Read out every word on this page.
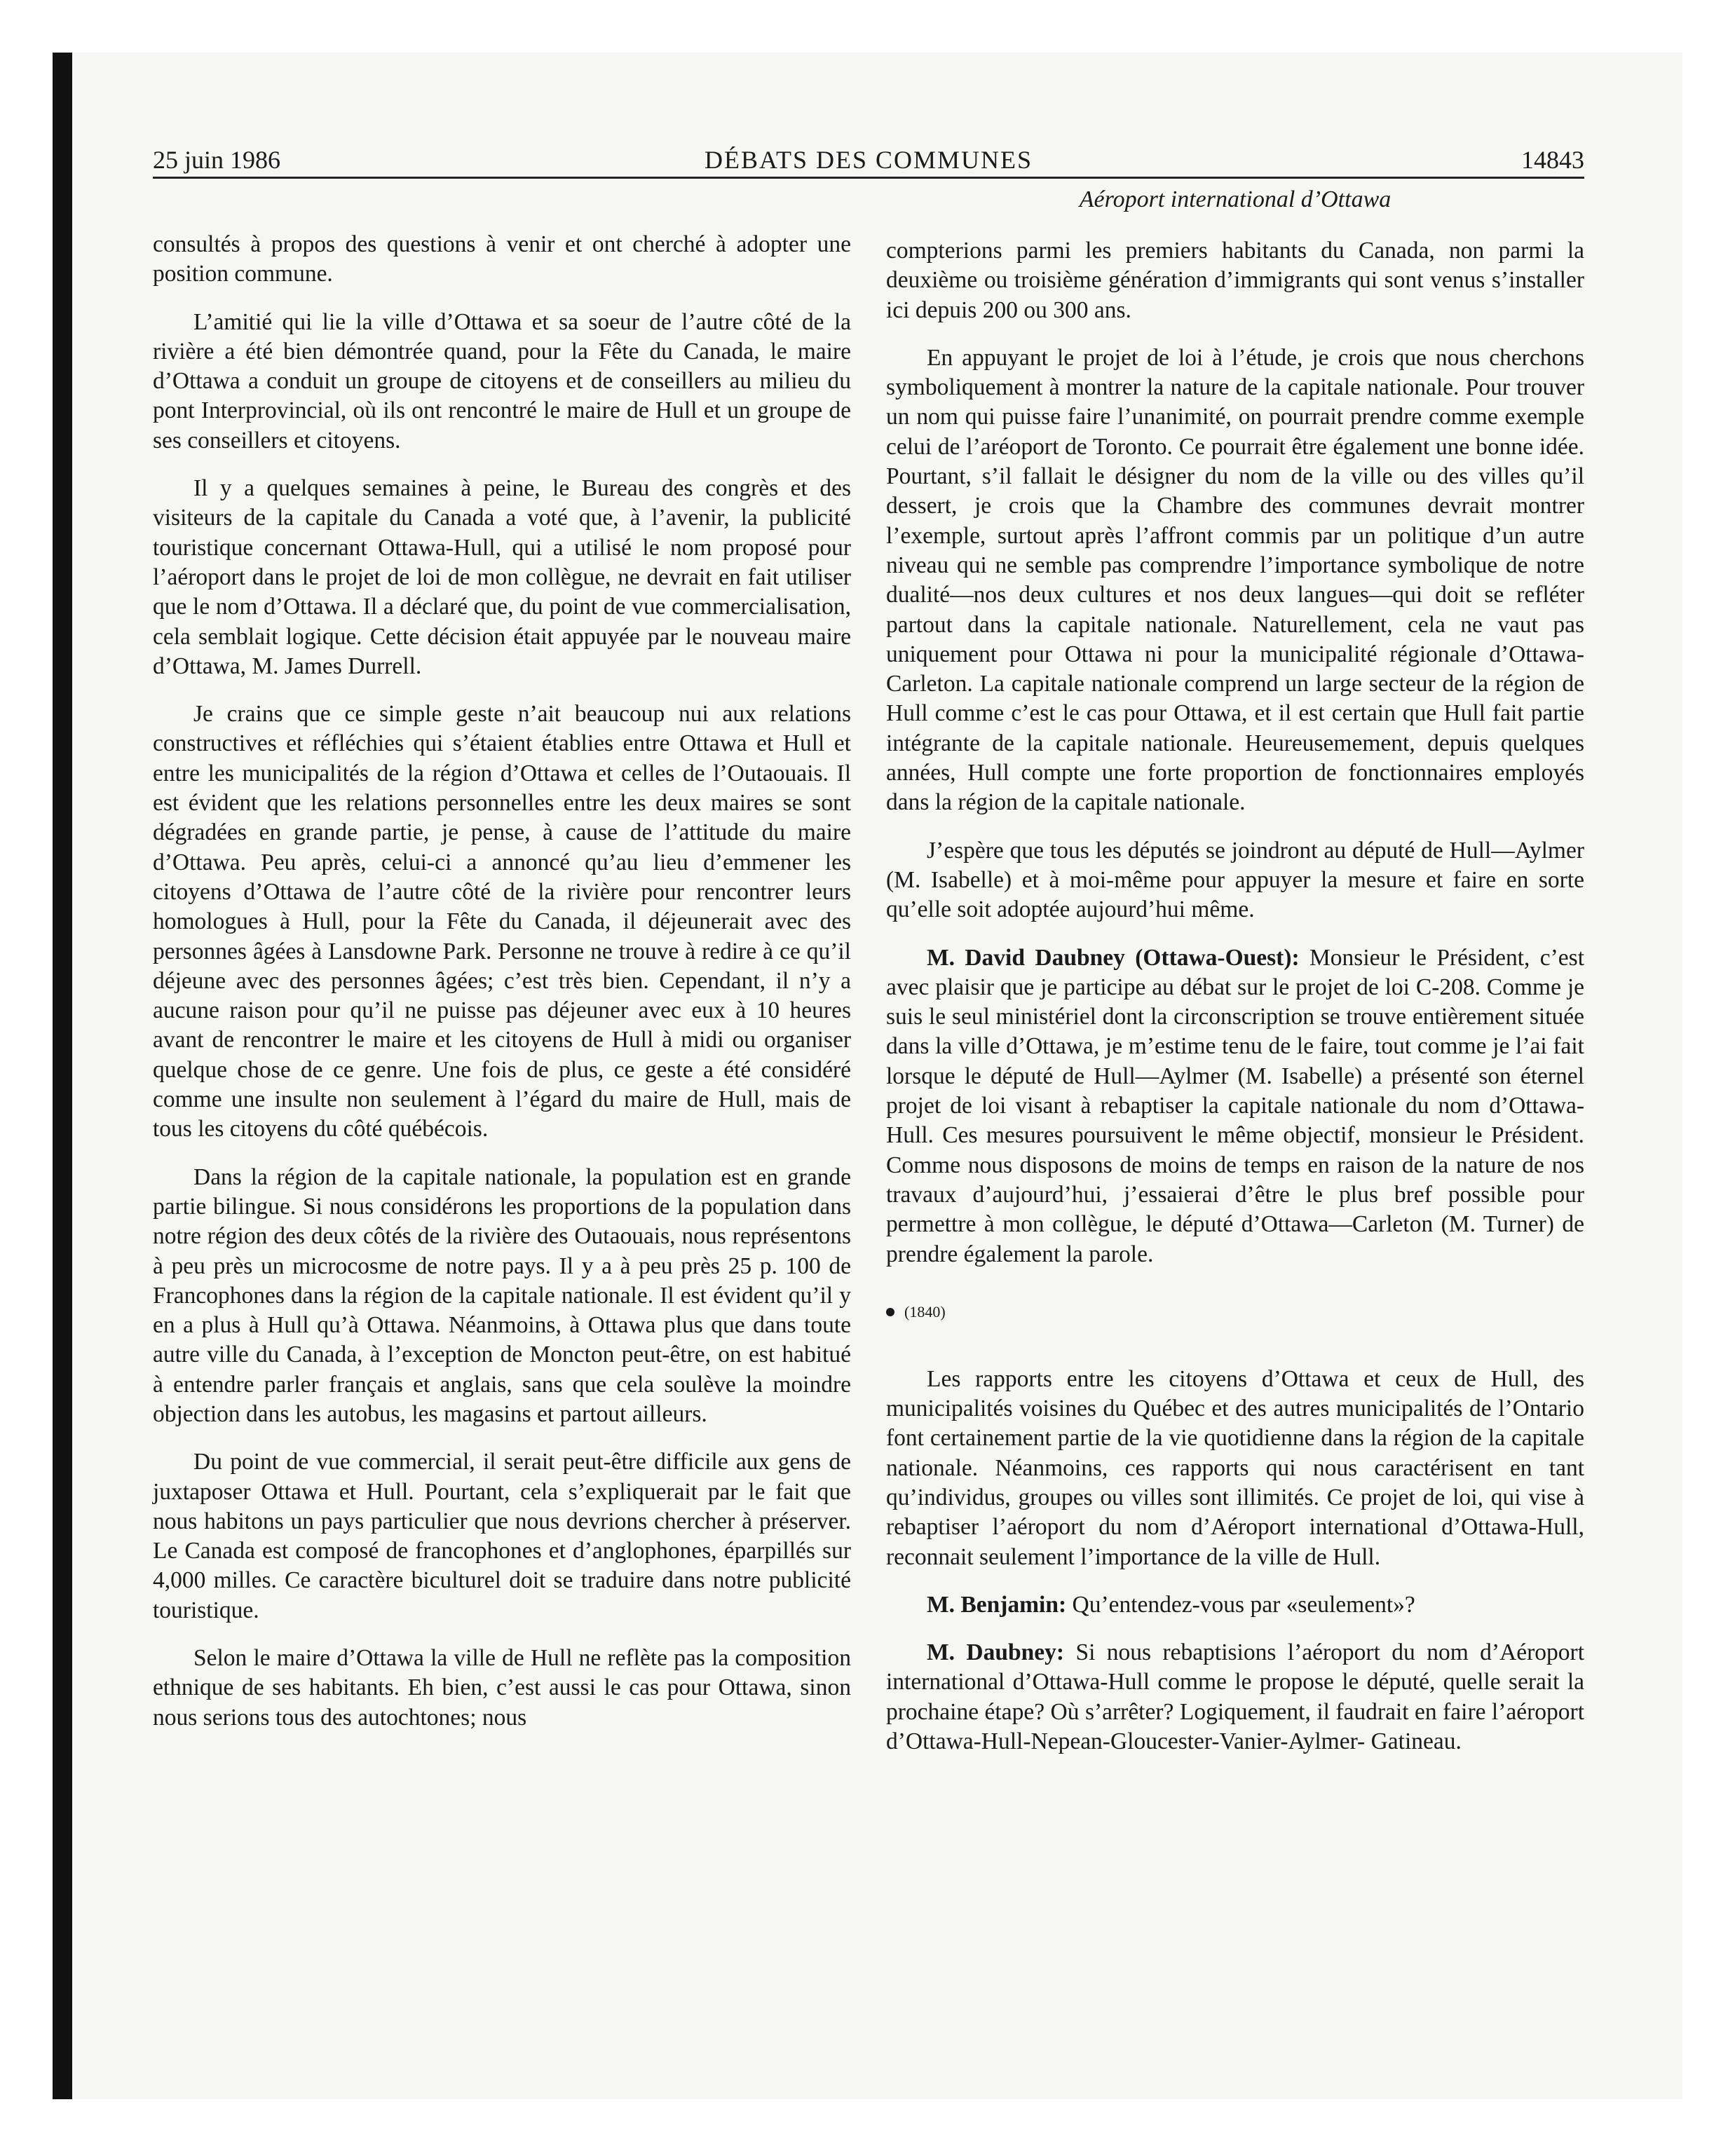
25 juin 1986	DÉBATS DES COMMUNES	14843
Aéroport international d’Ottawa

consultés à propos des questions à venir et ont cherché à adopter une position commune.

L’amitié qui lie la ville d’Ottawa et sa soeur de l’autre côté de la rivière a été bien démontrée quand, pour la Fête du Canada, le maire d’Ottawa a conduit un groupe de citoyens et de conseillers au milieu du pont Interprovincial, où ils ont rencontré le maire de Hull et un groupe de ses conseillers et citoyens.

Il y a quelques semaines à peine, le Bureau des congrès et des visiteurs de la capitale du Canada a voté que, à l’avenir, la publicité touristique concernant Ottawa-Hull, qui a utilisé le nom proposé pour l’aéroport dans le projet de loi de mon collègue, ne devrait en fait utiliser que le nom d’Ottawa. Il a déclaré que, du point de vue commercialisation, cela semblait logique. Cette décision était appuyée par le nouveau maire d’Ottawa, M. James Durrell.

Je crains que ce simple geste n’ait beaucoup nui aux relations constructives et réfléchies qui s’étaient établies entre Ottawa et Hull et entre les municipalités de la région d’Ottawa et celles de l’Outaouais. Il est évident que les relations personnelles entre les deux maires se sont dégradées en grande partie, je pense, à cause de l’attitude du maire d’Ottawa. Peu après, celui-ci a annoncé qu’au lieu d’emmener les citoyens d’Ottawa de l’autre côté de la rivière pour rencontrer leurs homologues à Hull, pour la Fête du Canada, il déjeunerait avec des personnes âgées à Lansdowne Park. Personne ne trouve à redire à ce qu’il déjeune avec des personnes âgées; c’est très bien. Cependant, il n’y a aucune raison pour qu’il ne puisse pas déjeuner avec eux à 10 heures avant de rencontrer le maire et les citoyens de Hull à midi ou organiser quelque chose de ce genre. Une fois de plus, ce geste a été considéré comme une insulte non seulement à l’égard du maire de Hull, mais de tous les citoyens du côté québécois.

Dans la région de la capitale nationale, la population est en grande partie bilingue. Si nous considérons les proportions de la population dans notre région des deux côtés de la rivière des Outaouais, nous représentons à peu près un microcosme de notre pays. Il y a à peu près 25 p. 100 de Francophones dans la région de la capitale nationale. Il est évident qu’il y en a plus à Hull qu’à Ottawa. Néanmoins, à Ottawa plus que dans toute autre ville du Canada, à l’exception de Moncton peut-être, on est habitué à entendre parler français et anglais, sans que cela soulève la moindre objection dans les autobus, les magasins et partout ailleurs.

Du point de vue commercial, il serait peut-être difficile aux gens de juxtaposer Ottawa et Hull. Pourtant, cela s’expliquerait par le fait que nous habitons un pays particulier que nous devrions chercher à préserver. Le Canada est composé de francophones et d’anglophones, éparpillés sur 4,000 milles. Ce caractère biculturel doit se traduire dans notre publicité touristique.

Selon le maire d’Ottawa la ville de Hull ne reflète pas la composition ethnique de ses habitants. Eh bien, c’est aussi le cas pour Ottawa, sinon nous serions tous des autochtones; nous

compterions parmi les premiers habitants du Canada, non parmi la deuxième ou troisième génération d’immigrants qui sont venus s’installer ici depuis 200 ou 300 ans.

En appuyant le projet de loi à l’étude, je crois que nous cherchons symboliquement à montrer la nature de la capitale nationale. Pour trouver un nom qui puisse faire l’unanimité, on pourrait prendre comme exemple celui de l’aréoport de Toronto. Ce pourrait être également une bonne idée. Pourtant, s’il fallait le désigner du nom de la ville ou des villes qu’il dessert, je crois que la Chambre des communes devrait montrer l’exemple, surtout après l’affront commis par un politique d’un autre niveau qui ne semble pas comprendre l’importance symbolique de notre dualité—nos deux cultures et nos deux langues—qui doit se refléter partout dans la capitale nationale. Naturellement, cela ne vaut pas uniquement pour Ottawa ni pour la municipalité régionale d’Ottawa-Carleton. La capitale nationale comprend un large secteur de la région de Hull comme c’est le cas pour Ottawa, et il est certain que Hull fait partie intégrante de la capitale nationale. Heureusemement, depuis quelques années, Hull compte une forte proportion de fonctionnaires employés dans la région de la capitale nationale.

J’espère que tous les députés se joindront au député de Hull—Aylmer (M. Isabelle) et à moi-même pour appuyer la mesure et faire en sorte qu’elle soit adoptée aujourd’hui même.

M. David Daubney (Ottawa-Ouest): Monsieur le Président, c’est avec plaisir que je participe au débat sur le projet de loi C-208. Comme je suis le seul ministériel dont la circonscription se trouve entièrement située dans la ville d’Ottawa, je m’estime tenu de le faire, tout comme je l’ai fait lorsque le député de Hull—Aylmer (M. Isabelle) a présenté son éternel projet de loi visant à rebaptiser la capitale nationale du nom d’Ottawa-Hull. Ces mesures poursuivent le même objectif, monsieur le Président. Comme nous disposons de moins de temps en raison de la nature de nos travaux d’aujourd’hui, j’essaierai d’être le plus bref possible pour permettre à mon collègue, le député d’Ottawa—Carleton (M. Turner) de prendre également la parole.

(1840)

Les rapports entre les citoyens d’Ottawa et ceux de Hull, des municipalités voisines du Québec et des autres municipalités de l’Ontario font certainement partie de la vie quotidienne dans la région de la capitale nationale. Néanmoins, ces rapports qui nous caractérisent en tant qu’individus, groupes ou villes sont illimités. Ce projet de loi, qui vise à rebaptiser l’aéroport du nom d’Aéroport international d’Ottawa-Hull, reconnait seulement l’importance de la ville de Hull.

M. Benjamin: Qu’entendez-vous par «seulement»?

M. Daubney: Si nous rebaptisions l’aéroport du nom d’Aéroport international d’Ottawa-Hull comme le propose le député, quelle serait la prochaine étape? Où s’arrêter? Logiquement, il faudrait en faire l’aéroport d’Ottawa-Hull-Nepean-Gloucester-Vanier-Aylmer- Gatineau.
